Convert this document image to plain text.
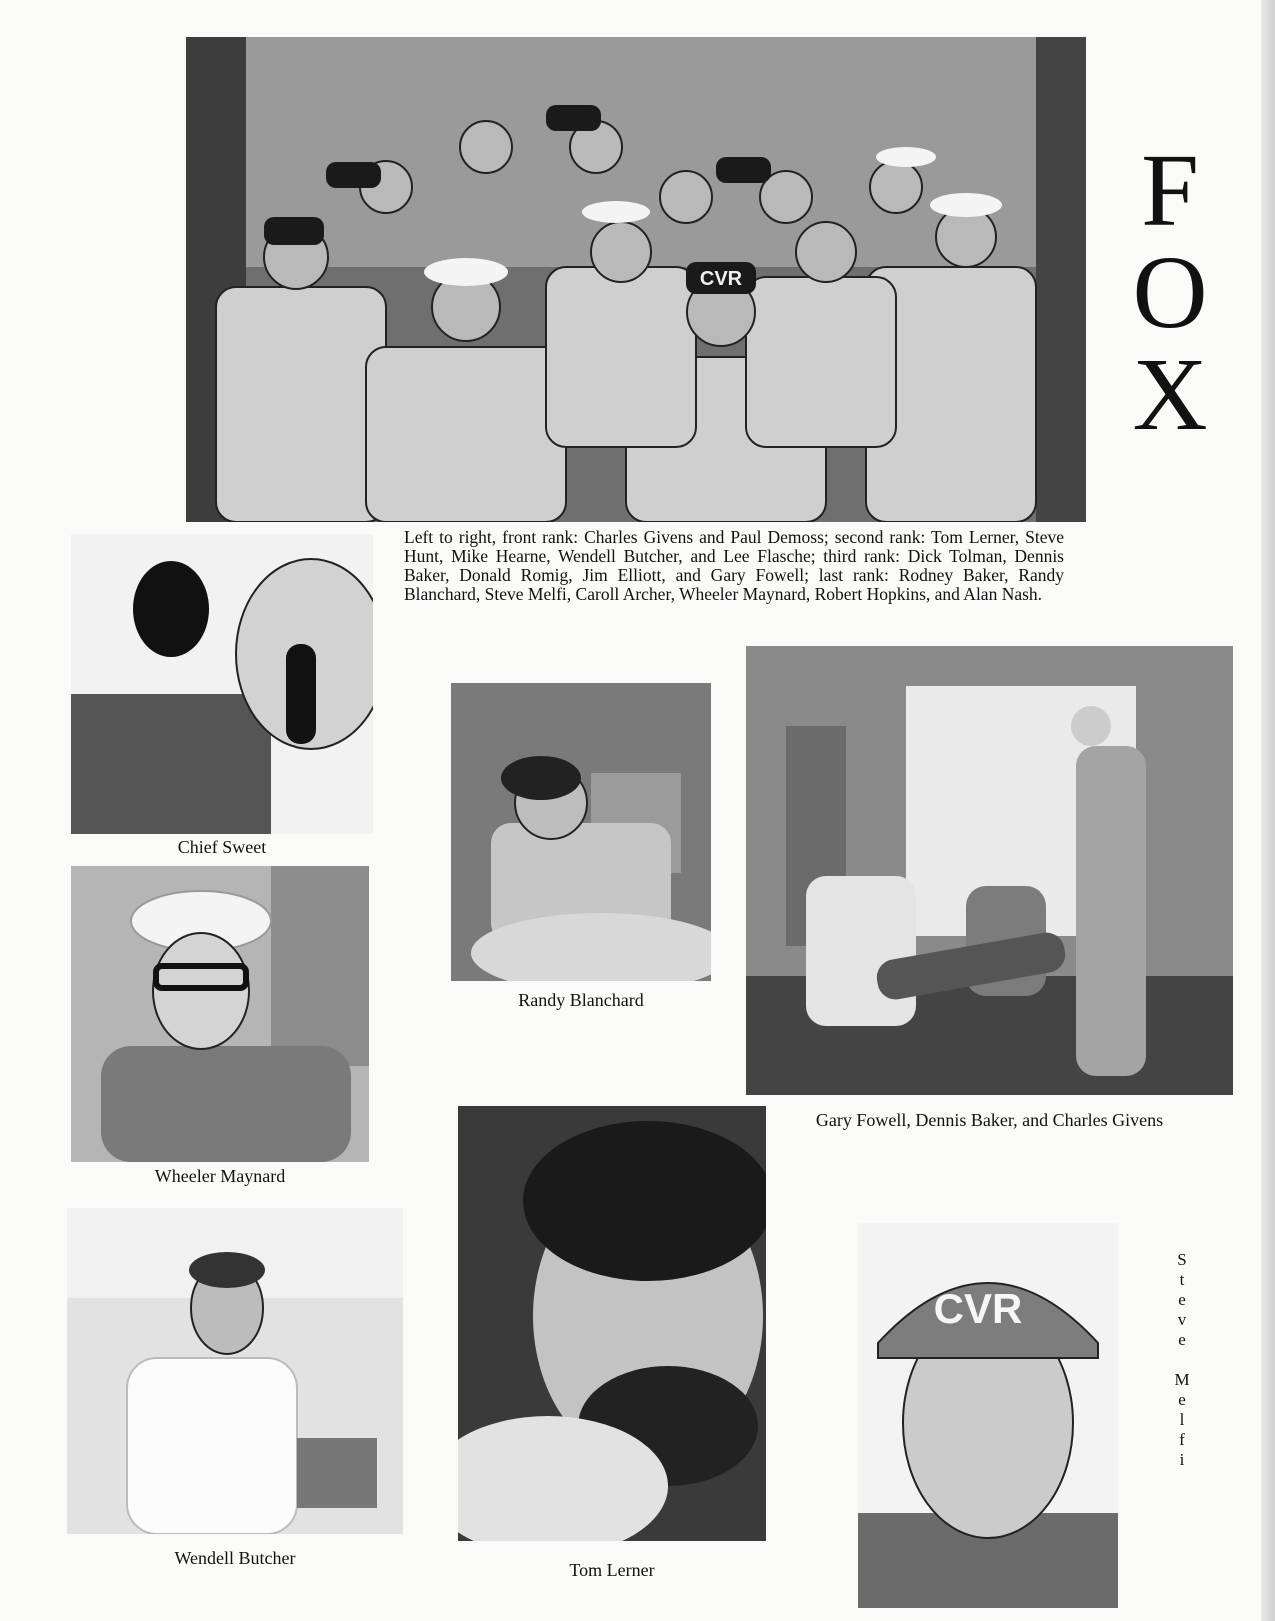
CVR
F
O
X
Left to right, front rank: Charles Givens and Paul Demoss; second rank: Tom Lerner, Steve Hunt, Mike Hearne, Wendell Butcher, and Lee Flasche; third rank: Dick Tolman, Dennis Baker, Donald Romig, Jim Elliott, and Gary Fowell; last rank: Rodney Baker, Randy Blanchard, Steve Melfi, Caroll Archer, Wheeler Maynard, Robert Hopkins, and Alan Nash.
Chief Sweet
Randy Blanchard
Gary Fowell, Dennis Baker, and Charles Givens
Wheeler Maynard
Wendell Butcher
Tom Lerner
CVR
S
t
e
v
e

M
e
l
f
i
